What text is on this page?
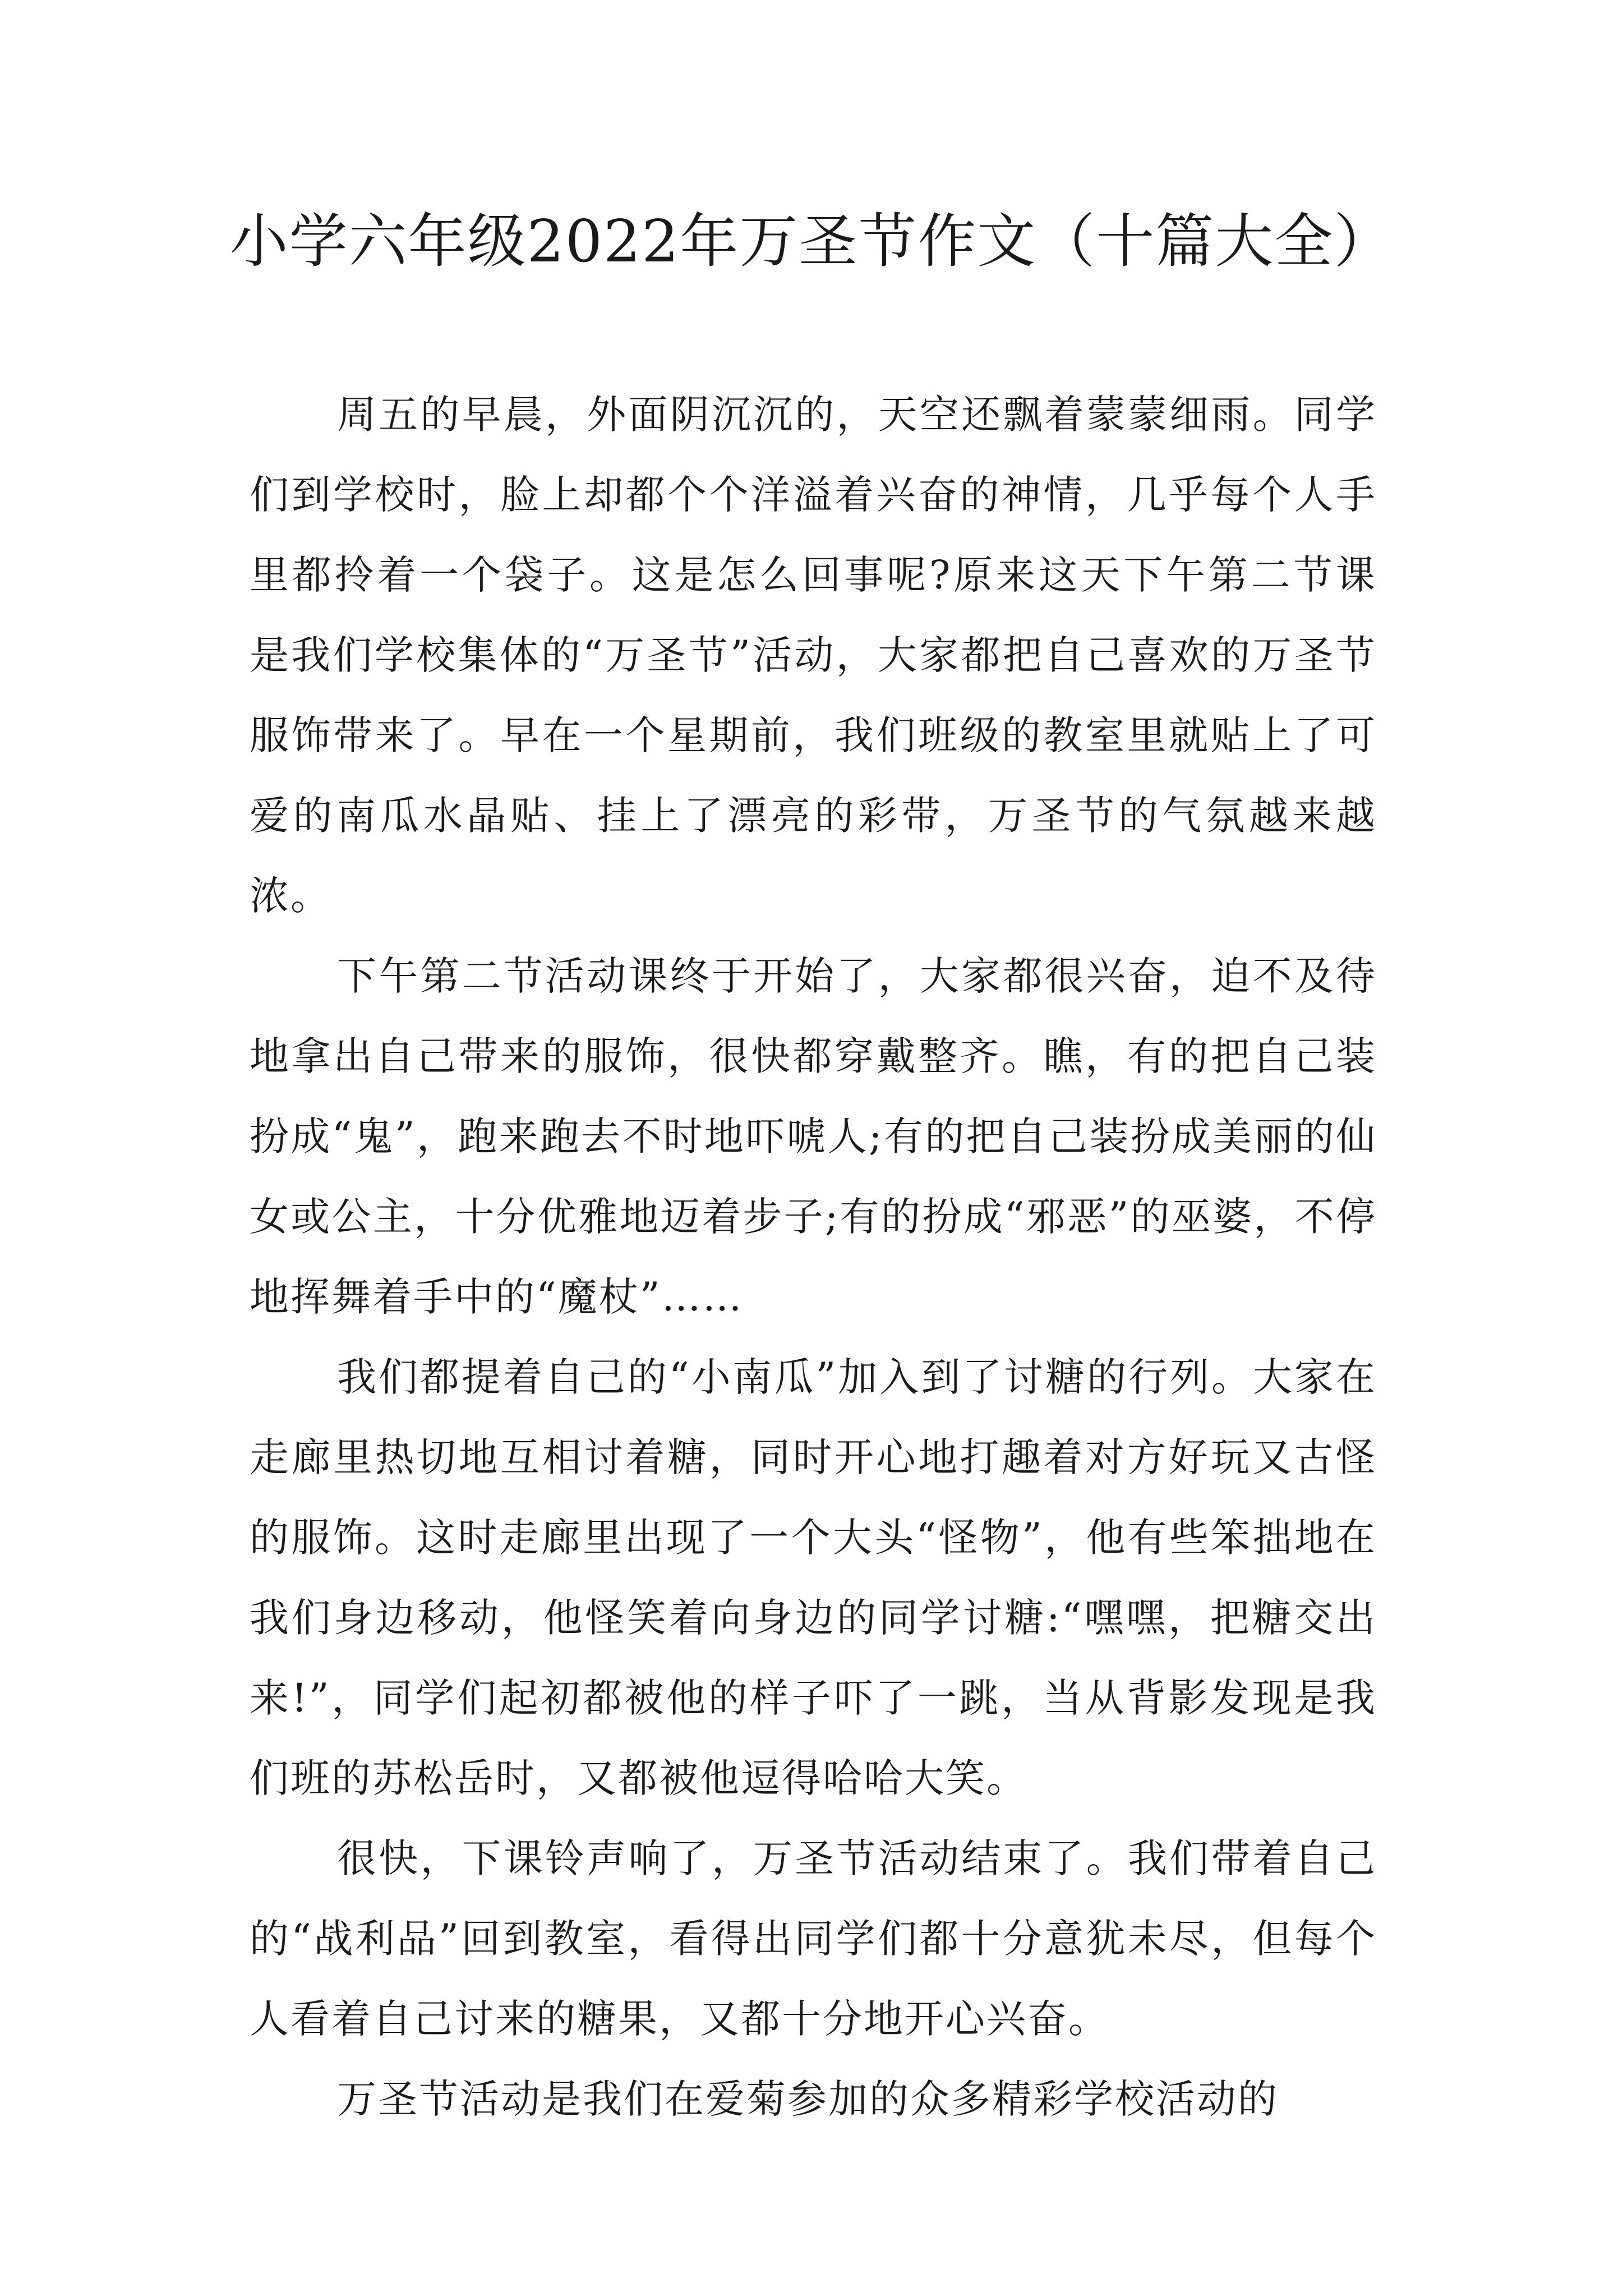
小学六年级2022年万圣节作文（十篇大全）

周五的早晨，外面阴沉沉的，天空还飘着蒙蒙细雨。同学们到学校时，脸上却都个个洋溢着兴奋的神情，几乎每个人手里都拎着一个袋子。这是怎么回事呢?原来这天下午第二节课是我们学校集体的“万圣节”活动，大家都把自己喜欢的万圣节服饰带来了。早在一个星期前，我们班级的教室里就贴上了可爱的南瓜水晶贴、挂上了漂亮的彩带，万圣节的气氛越来越浓。

下午第二节活动课终于开始了，大家都很兴奋，迫不及待地拿出自己带来的服饰，很快都穿戴整齐。瞧，有的把自己装扮成“鬼”，跑来跑去不时地吓唬人;有的把自己装扮成美丽的仙女或公主，十分优雅地迈着步子;有的扮成“邪恶”的巫婆，不停地挥舞着手中的“魔杖”……

我们都提着自己的“小南瓜”加入到了讨糖的行列。大家在走廊里热切地互相讨着糖，同时开心地打趣着对方好玩又古怪的服饰。这时走廊里出现了一个大头“怪物”，他有些笨拙地在我们身边移动，他怪笑着向身边的同学讨糖:“嘿嘿，把糖交出来!”，同学们起初都被他的样子吓了一跳，当从背影发现是我们班的苏松岳时，又都被他逗得哈哈大笑。

很快，下课铃声响了，万圣节活动结束了。我们带着自己的“战利品”回到教室，看得出同学们都十分意犹未尽，但每个人看着自己讨来的糖果，又都十分地开心兴奋。

万圣节活动是我们在爱菊参加的众多精彩学校活动的
